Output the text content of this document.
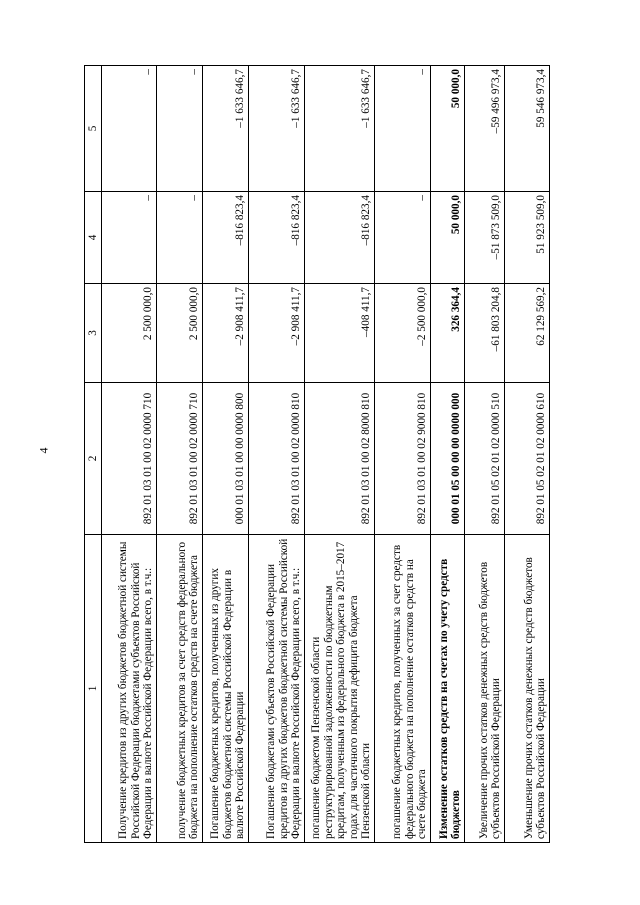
4
1	2	3	4	5
Получение кредитов из других бюджетов бюджетной системы Российской Федерации бюджетами субъектов Российской Федерации в валюте Российской Федерации всего, в т.ч.:	892 01 03 01 00 02 0000 710	2 500 000,0	–	–
получение бюджетных кредитов за счет средств федерального бюджета на пополнение остатков средств на счете бюджета	892 01 03 01 00 02 0000 710	2 500 000,0	–	–
Погашение бюджетных кредитов, полученных из других бюджетов бюджетной системы Российской Федерации в валюте Российской Федерации	000 01 03 01 00 00 0000 800	–2 908 411,7	–816 823,4	–1 633 646,7
Погашение бюджетами субъектов Российской Федерации кредитов из других бюджетов бюджетной системы Российской Федерации в валюте Российской Федерации всего, в т.ч.:	892 01 03 01 00 02 0000 810	–2 908 411,7	–816 823,4	–1 633 646,7
погашение бюджетом Пензенской области реструктурированной задолженности по бюджетным кредитам, полученным из федерального бюджета в 2015–2017 годах для частичного покрытия дефицита бюджета Пензенской области	892 01 03 01 00 02 8000 810	–408 411,7	–816 823,4	–1 633 646,7
погашение бюджетных кредитов, полученных за счет средств федерального бюджета на пополнение остатков средств на счете бюджета	892 01 03 01 00 02 9000 810	–2 500 000,0	–	–
Изменение остатков средств на счетах по учету средств бюджетов	000 01 05 00 00 00 0000 000	326 364,4	50 000,0	50 000,0
Увеличение прочих остатков денежных средств бюджетов субъектов Российской Федерации	892 01 05 02 01 02 0000 510	–61 803 204,8	–51 873 509,0	–59 496 973,4
Уменьшение прочих остатков денежных средств бюджетов субъектов Российской Федерации	892 01 05 02 01 02 0000 610	62 129 569,2	51 923 509,0	59 546 973,4
